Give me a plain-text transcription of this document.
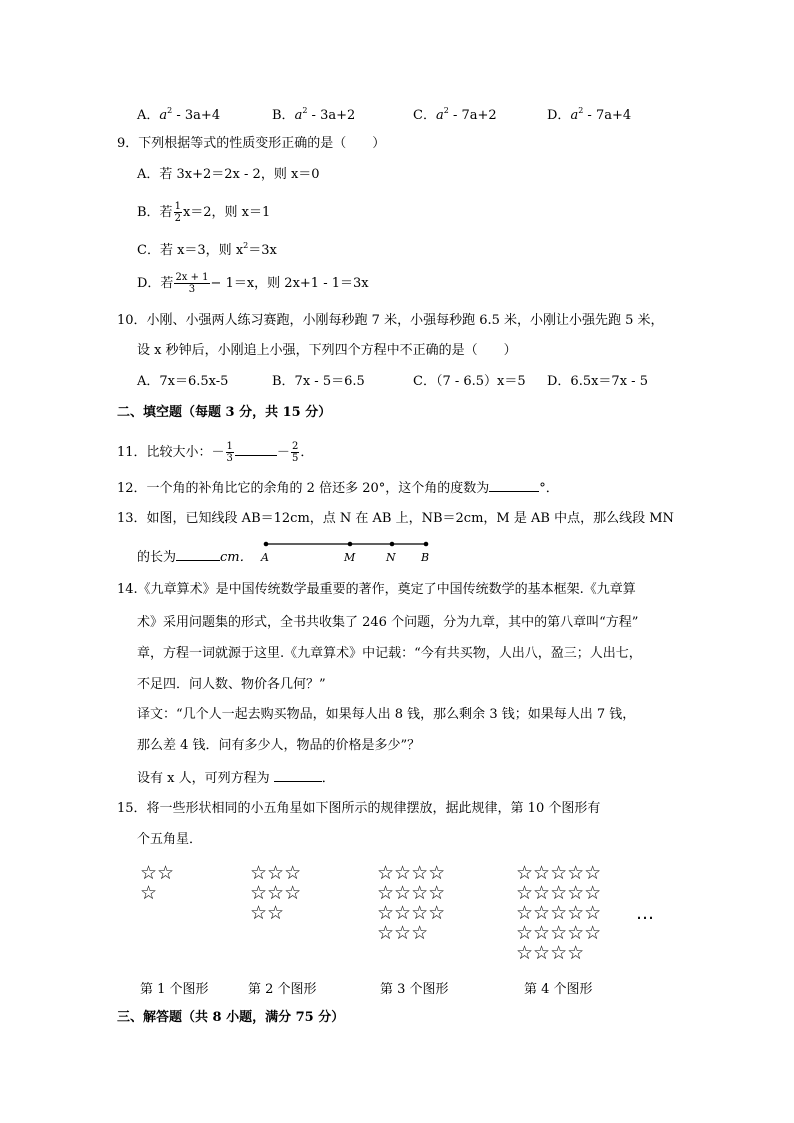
A．$a^2 - 3a+4$	B．$a^2 - 3a+2$	C．$a^2 - 7a+2$	D．$a^2 - 7a+4$
9．下列根据等式的性质变形正确的是（　　）
A．若 3x+2＝2x - 2，则 x＝0
B．若 $\frac{1}{2} x=2$，则 x＝1
C．若 x＝3，则 $x^2=3x$
D．若 $\frac{2x + 1}{3} - 1=x$，则 2x+1 - 1＝3x
10．小刚、小强两人练习赛跑，小刚每秒跑 7 米，小强每秒跑 6.5 米，小刚让小强先跑 5 米，
设 x 秒钟后，小刚追上小强，下列四个方程中不正确的是（　　）
A．7x＝6.5x-5	B．7x - 5＝6.5	C．（7 - 6.5）x＝5 D．6.5x＝7x - 5
二、填空题（每题 3 分，共 15 分）
11．比较大小：－ $\frac{1}{3}$	－ $\frac{2}{5}$ ．
12．一个角的补角比它的余角的 2 倍还多 20°，这个角的度数为	°．
13．如图，已知线段 AB＝12cm，点 N 在 AB 上，NB＝2cm，M 是 AB 中点，那么线段 MN
的长为	cm． A	M	N B
14.《九章算术》是中国传统数学最重要的著作，奠定了中国传统数学的基本框架.《九章算
术》采用问题集的形式，全书共收集了 246 个问题，分为九章，其中的第八章叫“方程”
章，方程一词就源于这里.《九章算术》中记载：“今有共买物，人出八，盈三；人出七，
不足四．问人数、物价各几何？”
译文：“几个人一起去购买物品，如果每人出 8 钱，那么剩余 3 钱；如果每人出 7 钱，
那么差 4 钱．问有多少人，物品的价格是多少”？
设有 x 人，可列方程为	．
15．将一些形状相同的小五角星如下图所示的规律摆放，据此规律，第 10 个图形有
个五角星．
☆☆
☆
☆☆☆
☆☆☆
☆☆
☆☆☆☆
☆☆☆☆
☆☆☆☆
☆☆☆
☆☆☆☆☆
☆☆☆☆☆
☆☆☆☆☆
☆☆☆☆☆
☆☆☆☆
…
第 1 个图形	第 2 个图形	第 3 个图形	第 4 个图形
三、解答题（共 8 小题，满分 75 分）
